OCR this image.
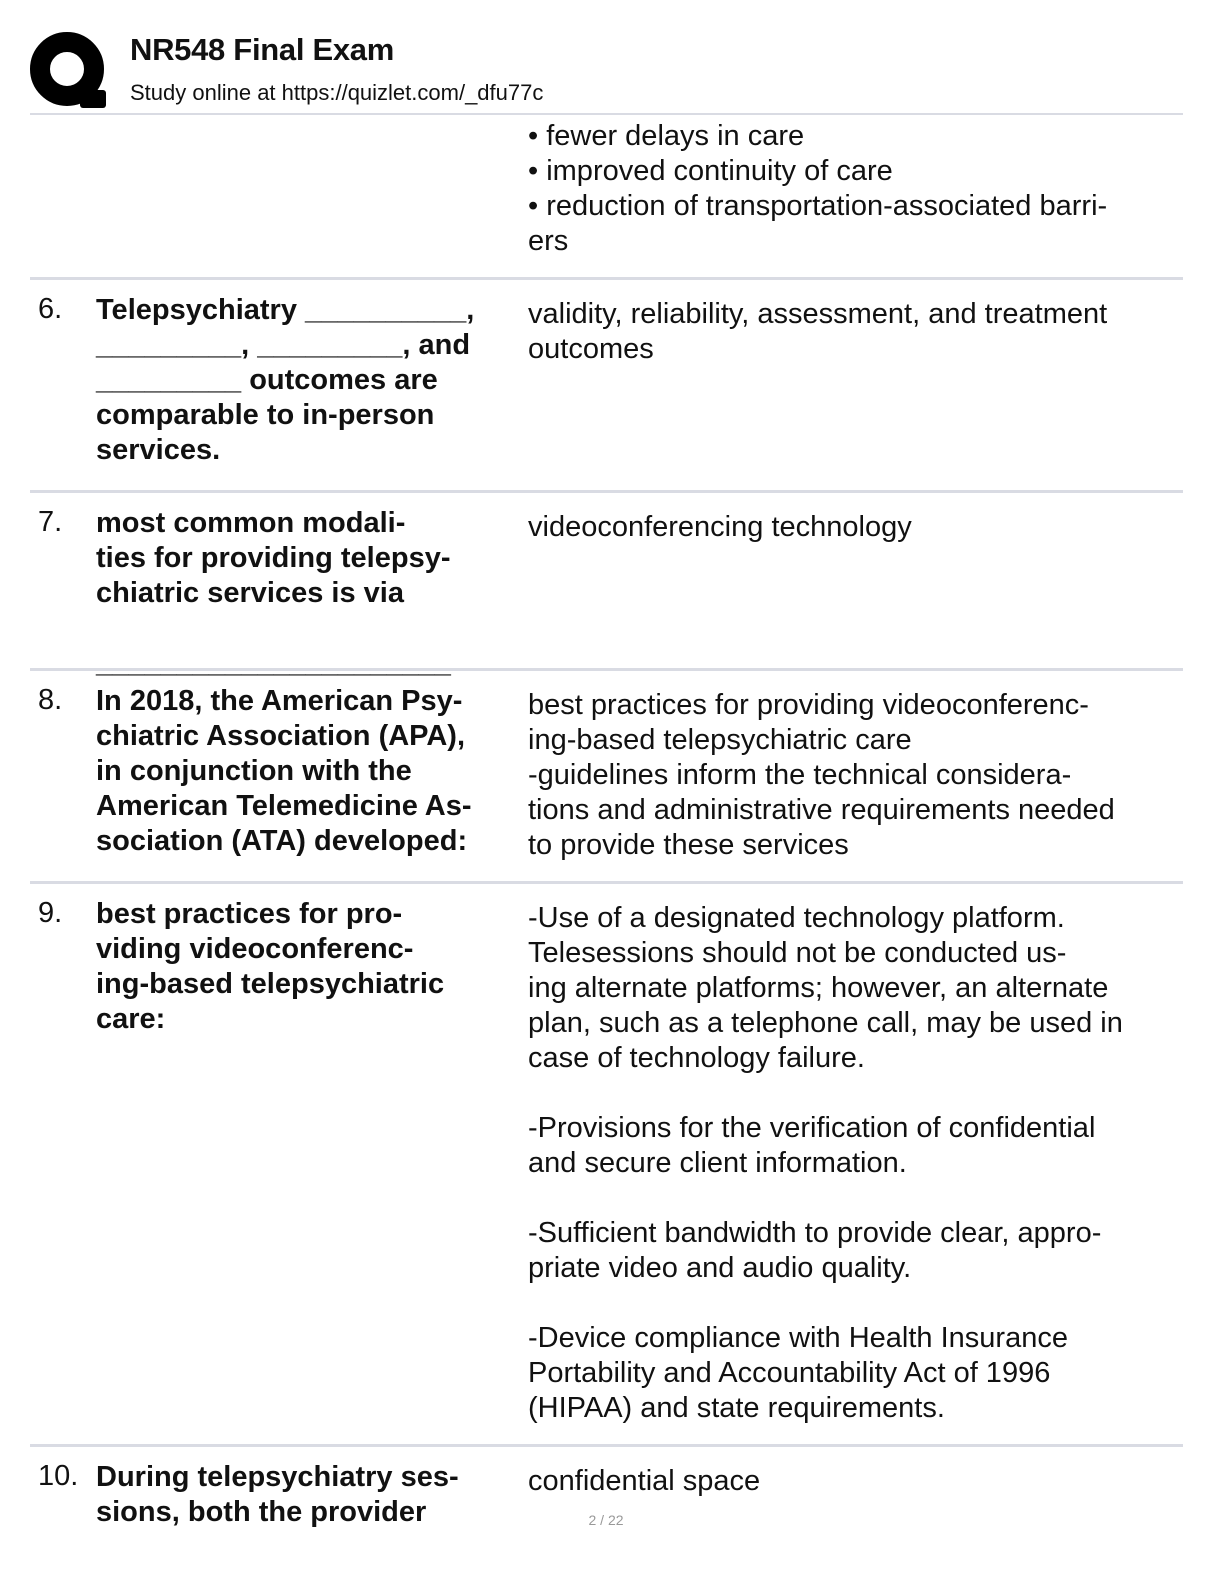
NR548 Final Exam
Study online at https://quizlet.com/_dfu77c
• fewer delays in care
• improved continuity of care
• reduction of transportation-associated barri-
ers
6. Telepsychiatry __________,
_________, _________, and
_________ outcomes are
comparable to in-person
services.
validity, reliability, assessment, and treatment
outcomes
7. most common modali-
ties for providing telepsy-
chiatric services is via

______________________
videoconferencing technology
8. In 2018, the American Psy-
chiatric Association (APA),
in conjunction with the
American Telemedicine As-
sociation (ATA) developed:
best practices for providing videoconferenc-
ing-based telepsychiatric care
-guidelines inform the technical considera-
tions and administrative requirements needed
to provide these services
9. best practices for pro-
viding videoconferenc-
ing-based telepsychiatric
care:
-Use of a designated technology platform.
Telesessions should not be conducted us-
ing alternate platforms; however, an alternate
plan, such as a telephone call, may be used in
case of technology failure.

-Provisions for the verification of confidential
and secure client information.

-Sufficient bandwidth to provide clear, appro-
priate video and audio quality.

-Device compliance with Health Insurance
Portability and Accountability Act of 1996
(HIPAA) and state requirements.
10. During telepsychiatry ses-
sions, both the provider
confidential space
2 / 22
